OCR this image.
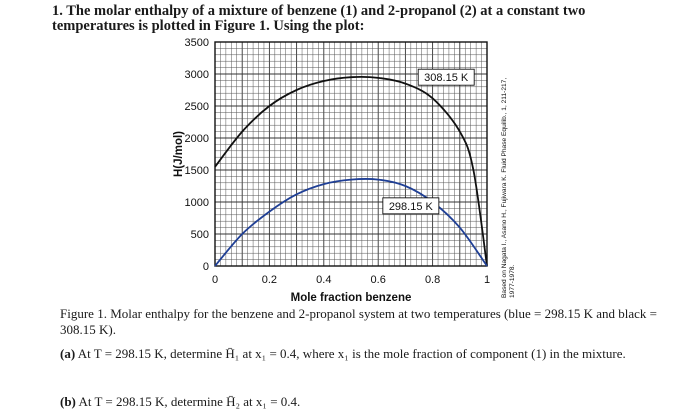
1. The molar enthalpy of a mixture of benzene (1) and 2-propanol (2) at a constant two
temperatures is plotted in Figure 1. Using the plot:
0
500
1000
1500
2000
2500
3000
3500
0	0.2	0.4	0.6	0.8	1
Mole fraction benzene
H(J/mol)
308.15 K
298.15 K	Based on Nagata I., Asano H., Fujiwara K. Fluid Phase Equilib., 1, 211-217, 1977-1978.
Figure 1. Molar enthalpy for the benzene and 2-propanol system at two temperatures (blue = 298.15 K and black = 308.15 K).
(a) At T = 298.15 K, determine H̄₁ at x₁ = 0.4, where x₁ is the mole fraction of component (1) in the mixture.
(b) At T = 298.15 K, determine H̄₂ at x₁ = 0.4.
